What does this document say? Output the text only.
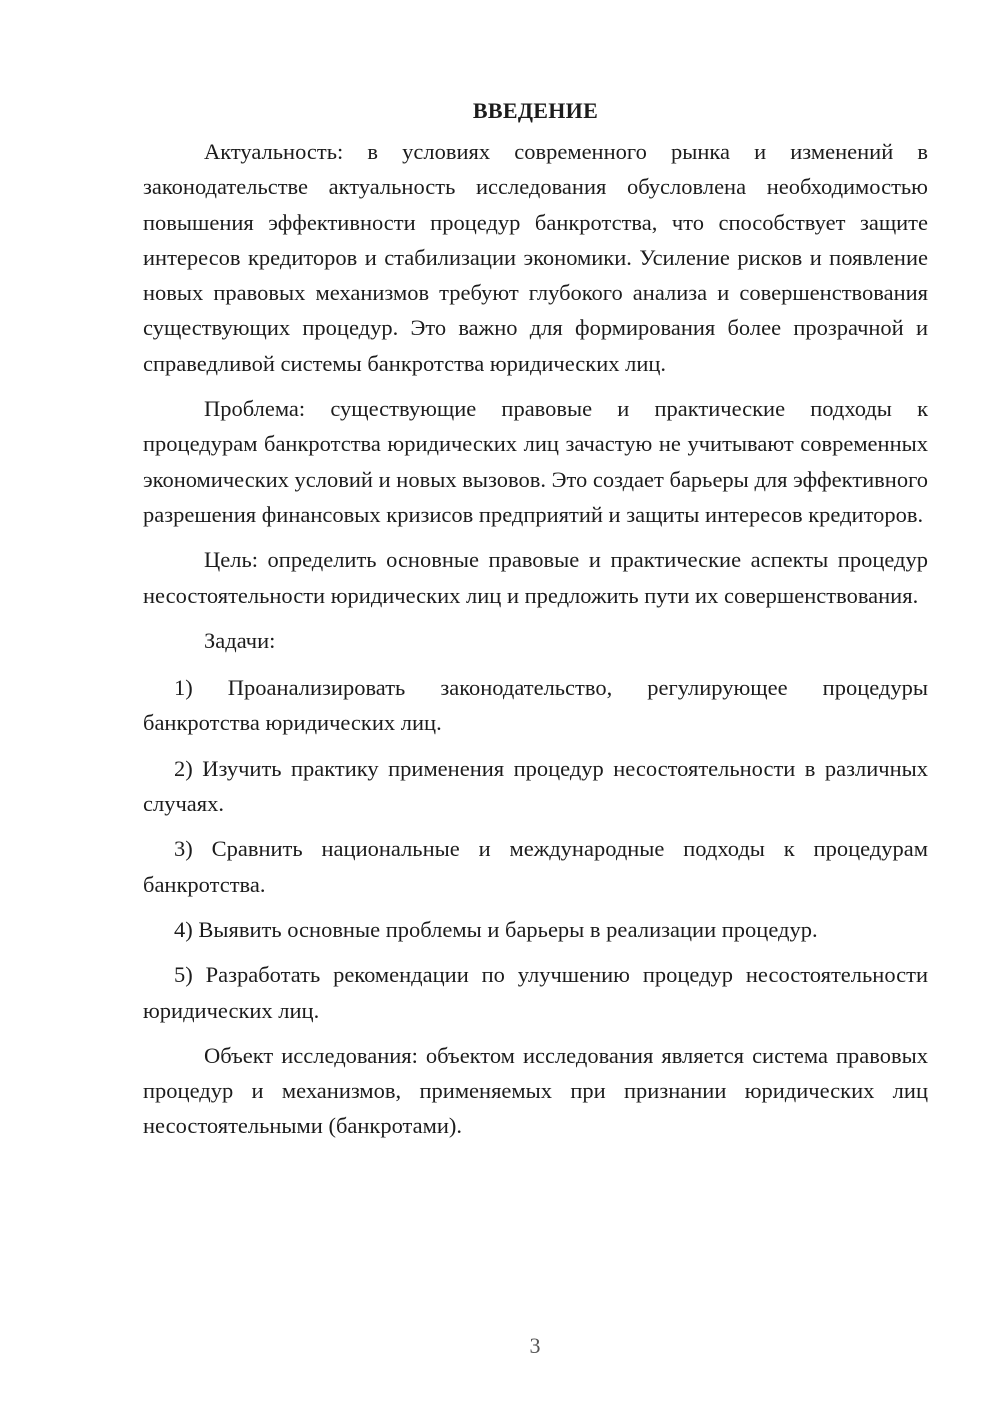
ВВЕДЕНИЕ

Актуальность: в условиях современного рынка и изменений в законодательстве актуальность исследования обусловлена необходимостью повышения эффективности процедур банкротства, что способствует защите интересов кредиторов и стабилизации экономики. Усиление рисков и появление новых правовых механизмов требуют глубокого анализа и совершенствования существующих процедур. Это важно для формирования более прозрачной и справедливой системы банкротства юридических лиц.

Проблема: существующие правовые и практические подходы к процедурам банкротства юридических лиц зачастую не учитывают современных экономических условий и новых вызовов. Это создает барьеры для эффективного разрешения финансовых кризисов предприятий и защиты интересов кредиторов.

Цель: определить основные правовые и практические аспекты процедур несостоятельности юридических лиц и предложить пути их совершенствования.

Задачи:

1) Проанализировать законодательство, регулирующее процедуры банкротства юридических лиц.

2) Изучить практику применения процедур несостоятельности в различных случаях.

3) Сравнить национальные и международные подходы к процедурам банкротства.

4) Выявить основные проблемы и барьеры в реализации процедур.

5) Разработать рекомендации по улучшению процедур несостоятельности юридических лиц.

Объект исследования: объектом исследования является система правовых процедур и механизмов, применяемых при признании юридических лиц несостоятельными (банкротами).

3
